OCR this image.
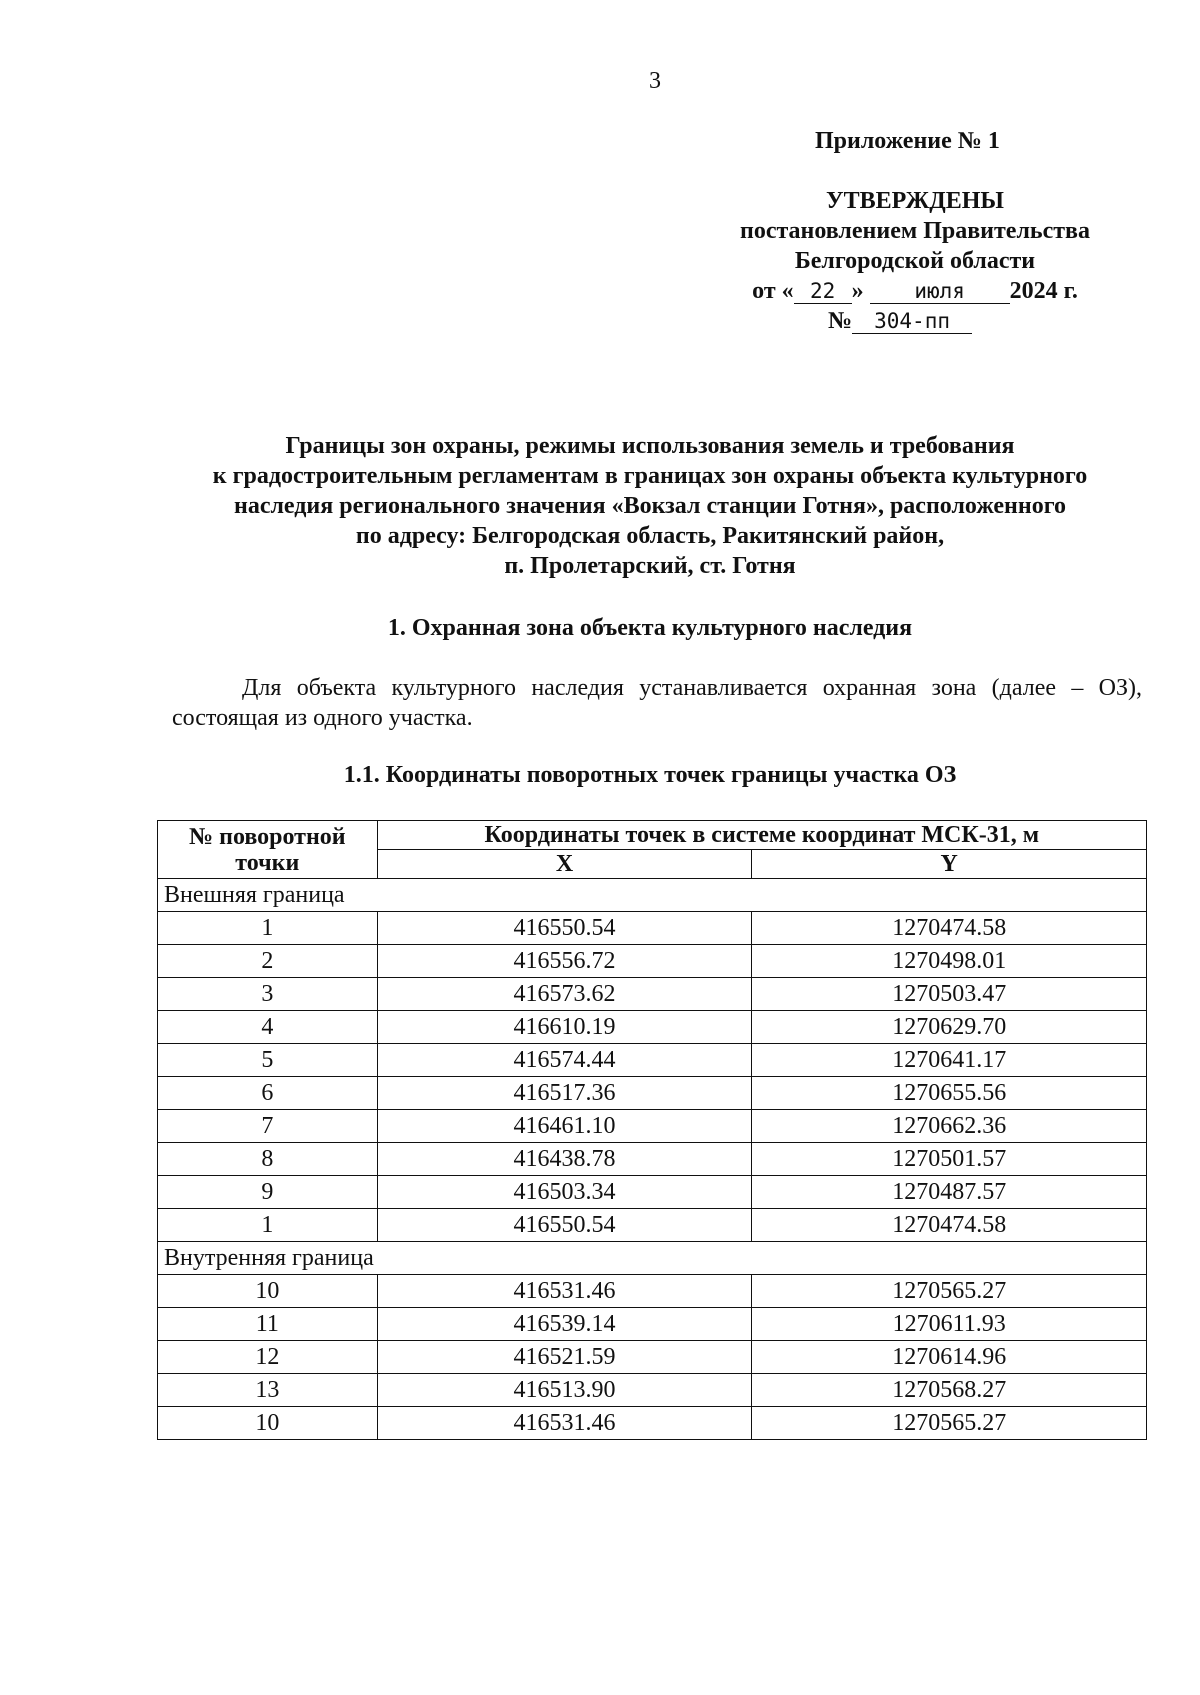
3
Приложение № 1
УТВЕРЖДЕНЫ
постановлением Правительства
Белгородской области
от « 22 » июля 2024 г.
№ 304-пп
Границы зон охраны, режимы использования земель и требования
к градостроительным регламентам в границах зон охраны объекта культурного
наследия регионального значения «Вокзал станции Готня», расположенного
по адресу: Белгородская область, Ракитянский район,
п. Пролетарский, ст. Готня
1. Охранная зона объекта культурного наследия
Для объекта культурного наследия устанавливается охранная зона (далее – ОЗ), состоящая из одного участка.
1.1. Координаты поворотных точек границы участка ОЗ
№ поворотной точки	Координаты точек в системе координат МСК-31, м	
	X	Y
Внешняя граница		
1	416550.54	1270474.58
2	416556.72	1270498.01
3	416573.62	1270503.47
4	416610.19	1270629.70
5	416574.44	1270641.17
6	416517.36	1270655.56
7	416461.10	1270662.36
8	416438.78	1270501.57
9	416503.34	1270487.57
1	416550.54	1270474.58
Внутренняя граница		
10	416531.46	1270565.27
11	416539.14	1270611.93
12	416521.59	1270614.96
13	416513.90	1270568.27
10	416531.46	1270565.27
